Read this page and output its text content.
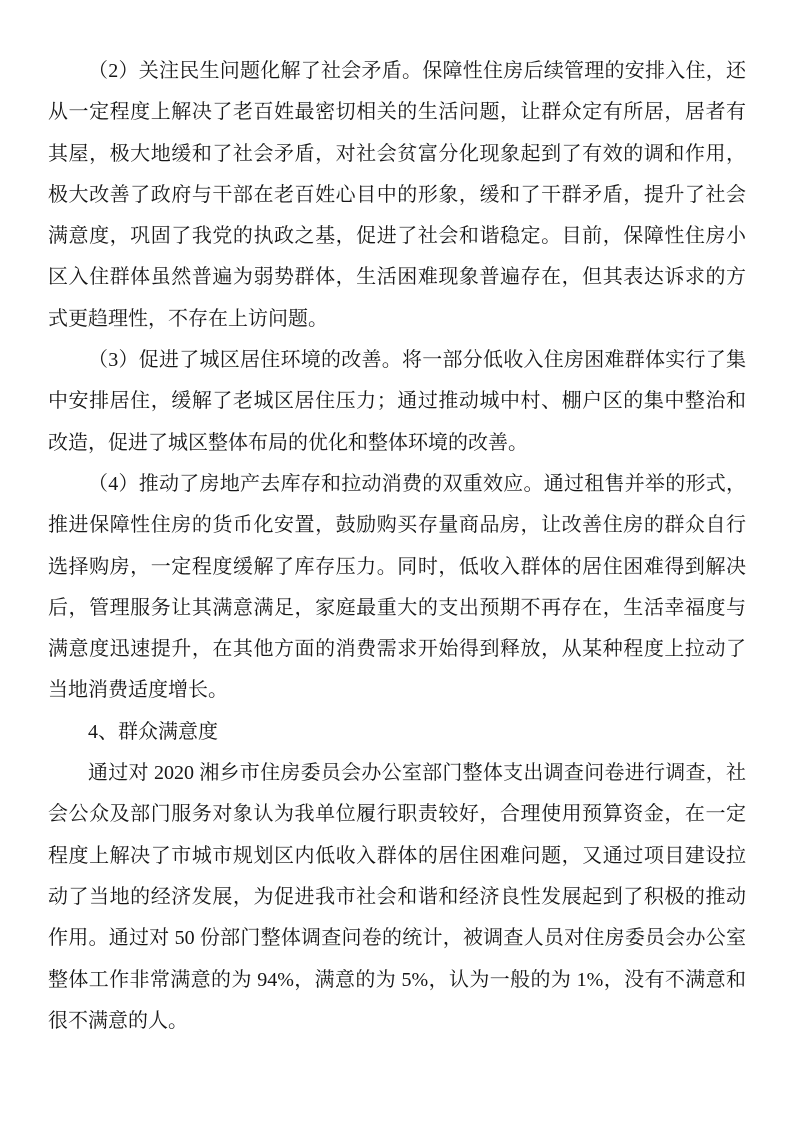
（2）关注民生问题化解了社会矛盾。保障性住房后续管理的安排入住，还从一定程度上解决了老百姓最密切相关的生活问题，让群众定有所居，居者有其屋，极大地缓和了社会矛盾，对社会贫富分化现象起到了有效的调和作用，极大改善了政府与干部在老百姓心目中的形象，缓和了干群矛盾，提升了社会满意度，巩固了我党的执政之基，促进了社会和谐稳定。目前，保障性住房小区入住群体虽然普遍为弱势群体，生活困难现象普遍存在，但其表达诉求的方式更趋理性，不存在上访问题。

（3）促进了城区居住环境的改善。将一部分低收入住房困难群体实行了集中安排居住，缓解了老城区居住压力；通过推动城中村、棚户区的集中整治和改造，促进了城区整体布局的优化和整体环境的改善。

（4）推动了房地产去库存和拉动消费的双重效应。通过租售并举的形式，推进保障性住房的货币化安置，鼓励购买存量商品房，让改善住房的群众自行选择购房，一定程度缓解了库存压力。同时，低收入群体的居住困难得到解决后，管理服务让其满意满足，家庭最重大的支出预期不再存在，生活幸福度与满意度迅速提升，在其他方面的消费需求开始得到释放，从某种程度上拉动了当地消费适度增长。

4、群众满意度

通过对 2020 湘乡市住房委员会办公室部门整体支出调查问卷进行调查，社会公众及部门服务对象认为我单位履行职责较好，合理使用预算资金，在一定程度上解决了市城市规划区内低收入群体的居住困难问题，又通过项目建设拉动了当地的经济发展，为促进我市社会和谐和经济良性发展起到了积极的推动作用。通过对 50 份部门整体调查问卷的统计，被调查人员对住房委员会办公室整体工作非常满意的为 94%，满意的为 5%，认为一般的为 1%，没有不满意和很不满意的人。
